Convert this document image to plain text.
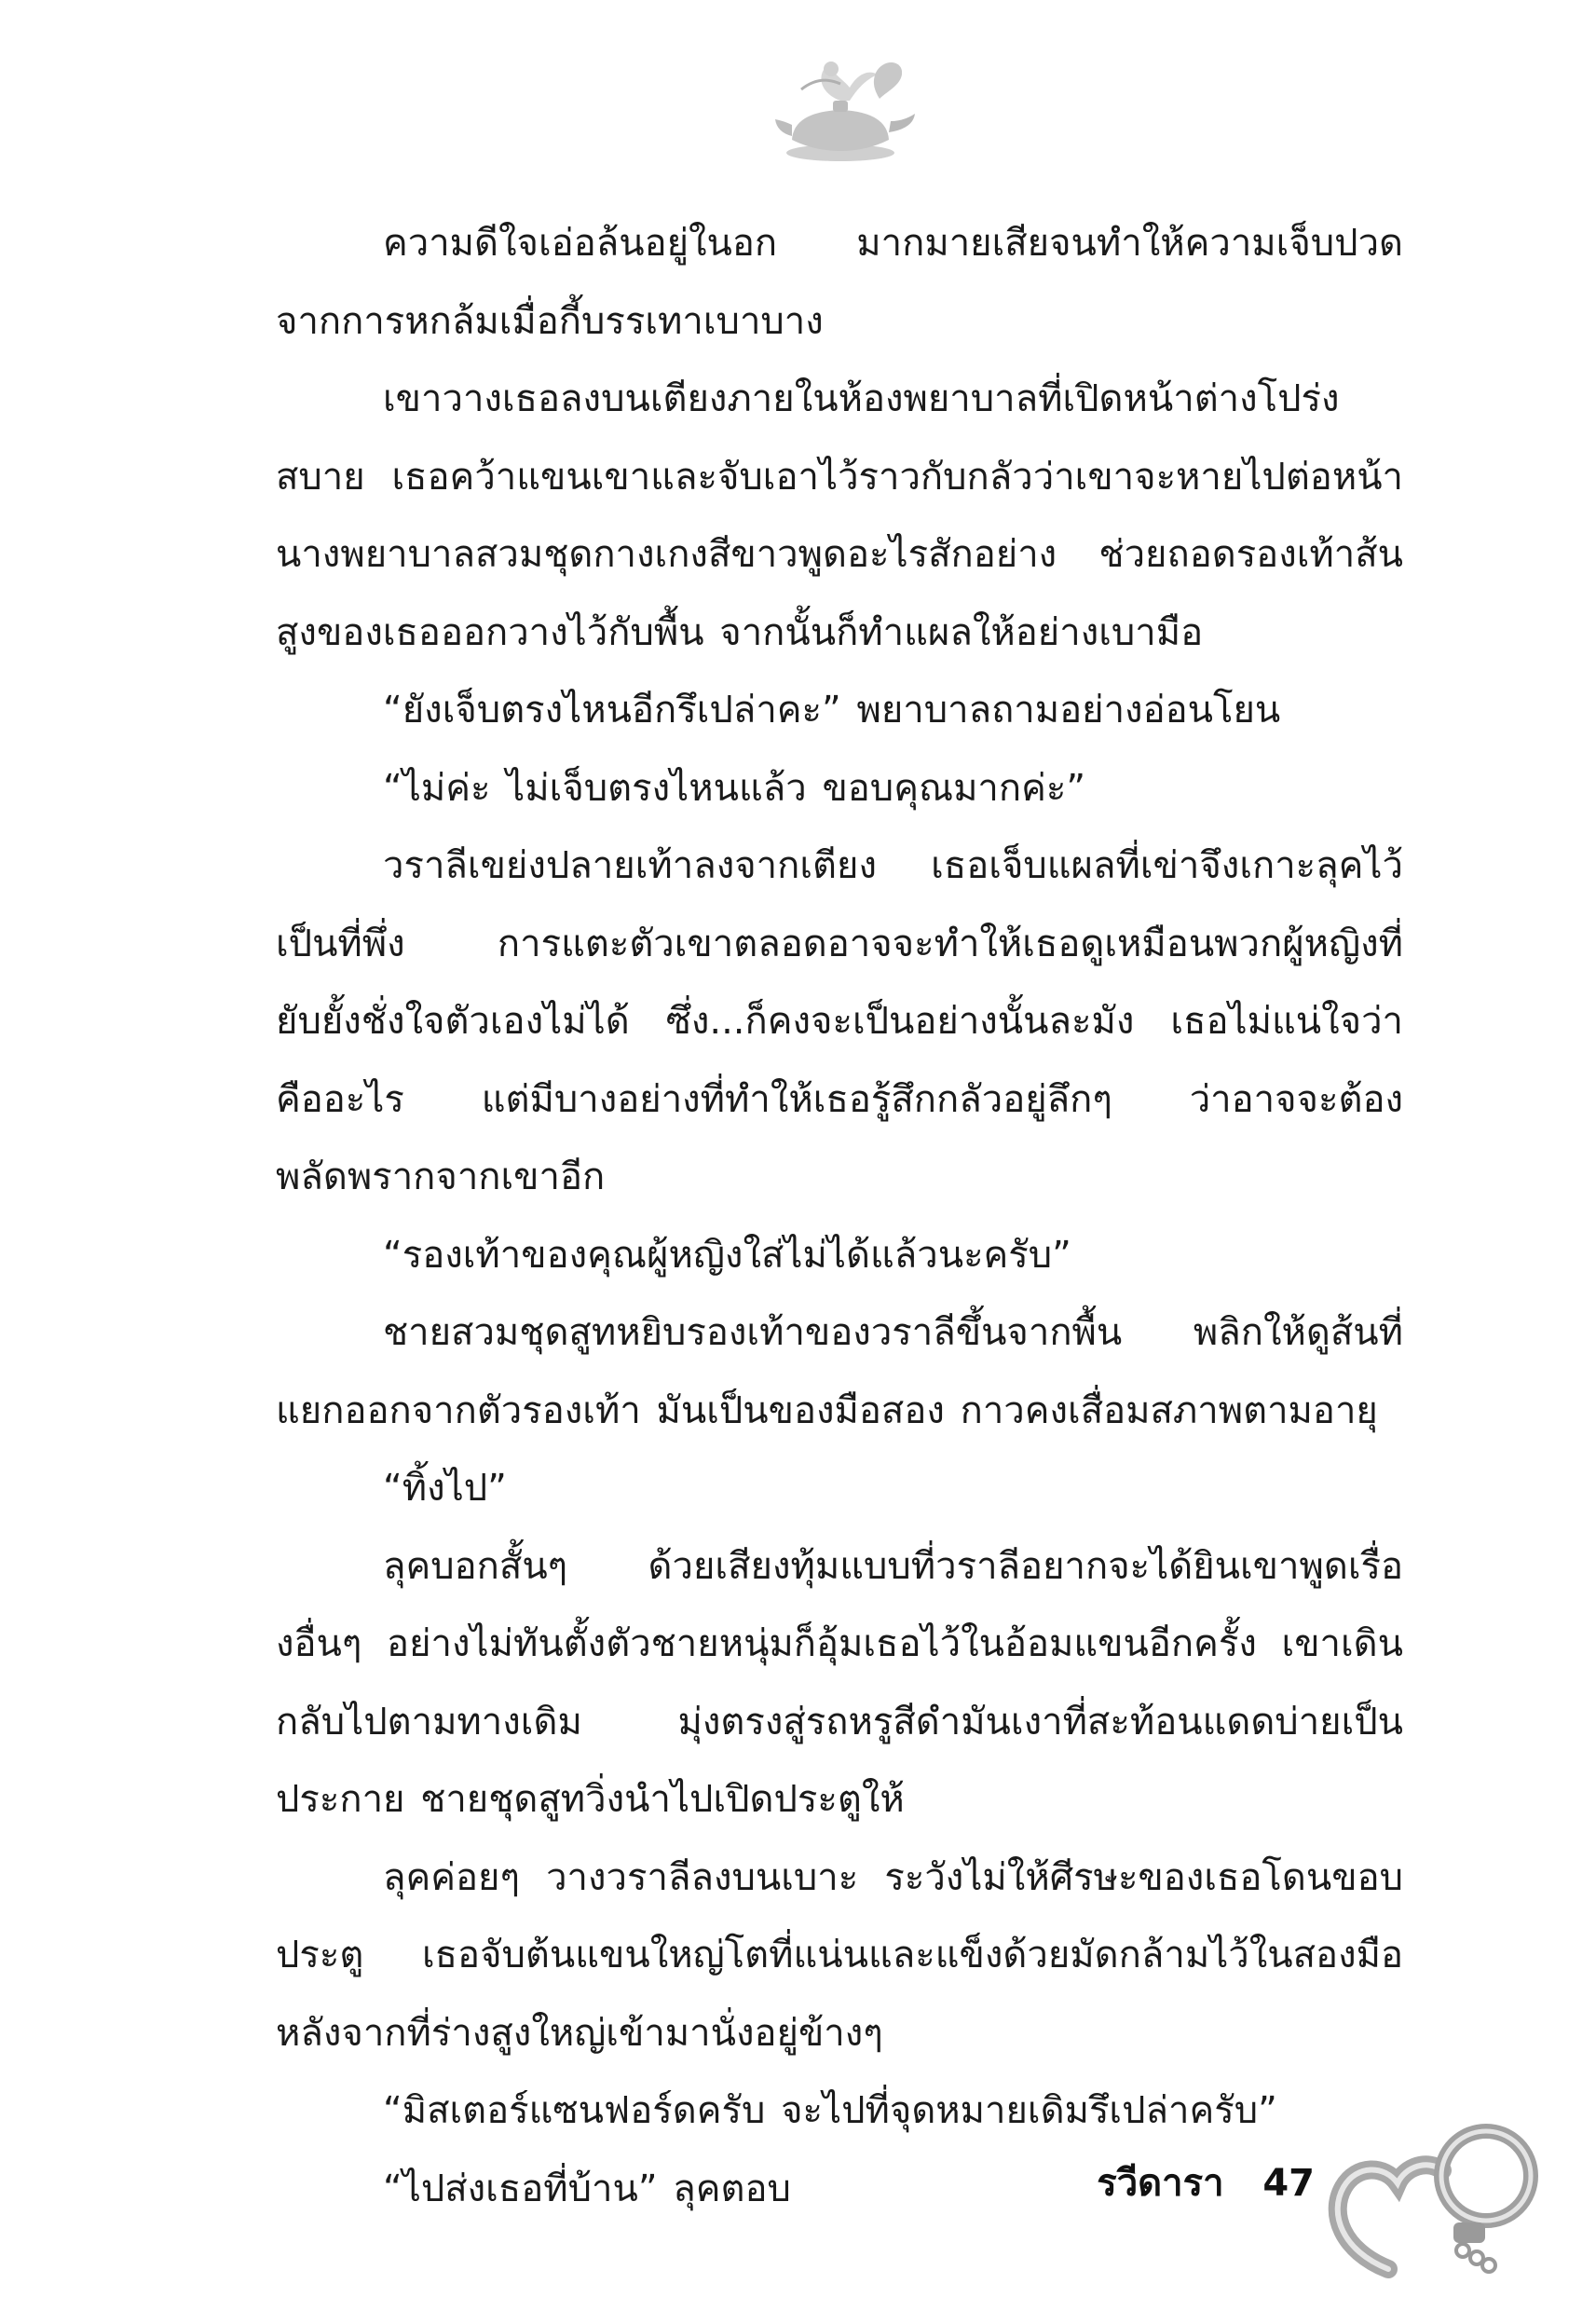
ความดีใจเอ่อล้นอยู่ในอก มากมายเสียจนทำให้ความเจ็บปวดจากการหกล้มเมื่อกี้บรรเทาเบาบาง

เขาวางเธอลงบนเตียงภายในห้องพยาบาลที่เปิดหน้าต่างโปร่งสบาย เธอคว้าแขนเขาและจับเอาไว้ราวกับกลัวว่าเขาจะหายไปต่อหน้า นางพยาบาลสวมชุดกางเกงสีขาวพูดอะไรสักอย่าง ช่วยถอดรองเท้าส้นสูงของเธอออกวางไว้กับพื้น จากนั้นก็ทำแผลให้อย่างเบามือ

“ยังเจ็บตรงไหนอีกรึเปล่าคะ” พยาบาลถามอย่างอ่อนโยน

“ไม่ค่ะ ไม่เจ็บตรงไหนแล้ว ขอบคุณมากค่ะ”

วราลีเขย่งปลายเท้าลงจากเตียง เธอเจ็บแผลที่เข่าจึงเกาะลุคไว้เป็นที่พึ่ง การแตะตัวเขาตลอดอาจจะทำให้เธอดูเหมือนพวกผู้หญิงที่ยับยั้งชั่งใจตัวเองไม่ได้ ซึ่ง...ก็คงจะเป็นอย่างนั้นละมัง เธอไม่แน่ใจว่าคืออะไร แต่มีบางอย่างที่ทำให้เธอรู้สึกกลัวอยู่ลึกๆ ว่าอาจจะต้องพลัดพรากจากเขาอีก

“รองเท้าของคุณผู้หญิงใส่ไม่ได้แล้วนะครับ”

ชายสวมชุดสูทหยิบรองเท้าของวราลีขึ้นจากพื้น พลิกให้ดูส้นที่แยกออกจากตัวรองเท้า มันเป็นของมือสอง กาวคงเสื่อมสภาพตามอายุ

“ทิ้งไป”

ลุคบอกสั้นๆ ด้วยเสียงทุ้มแบบที่วราลีอยากจะได้ยินเขาพูดเรื่องอื่นๆ อย่างไม่ทันตั้งตัวชายหนุ่มก็อุ้มเธอไว้ในอ้อมแขนอีกครั้ง เขาเดินกลับไปตามทางเดิม มุ่งตรงสู่รถหรูสีดำมันเงาที่สะท้อนแดดบ่ายเป็นประกาย ชายชุดสูทวิ่งนำไปเปิดประตูให้

ลุคค่อยๆ วางวราลีลงบนเบาะ ระวังไม่ให้ศีรษะของเธอโดนขอบประตู เธอจับต้นแขนใหญ่โตที่แน่นและแข็งด้วยมัดกล้ามไว้ในสองมือหลังจากที่ร่างสูงใหญ่เข้ามานั่งอยู่ข้างๆ

“มิสเตอร์แซนฟอร์ดครับ จะไปที่จุดหมายเดิมรึเปล่าครับ”

“ไปส่งเธอที่บ้าน” ลุคตอบ	รวีดารา 47
